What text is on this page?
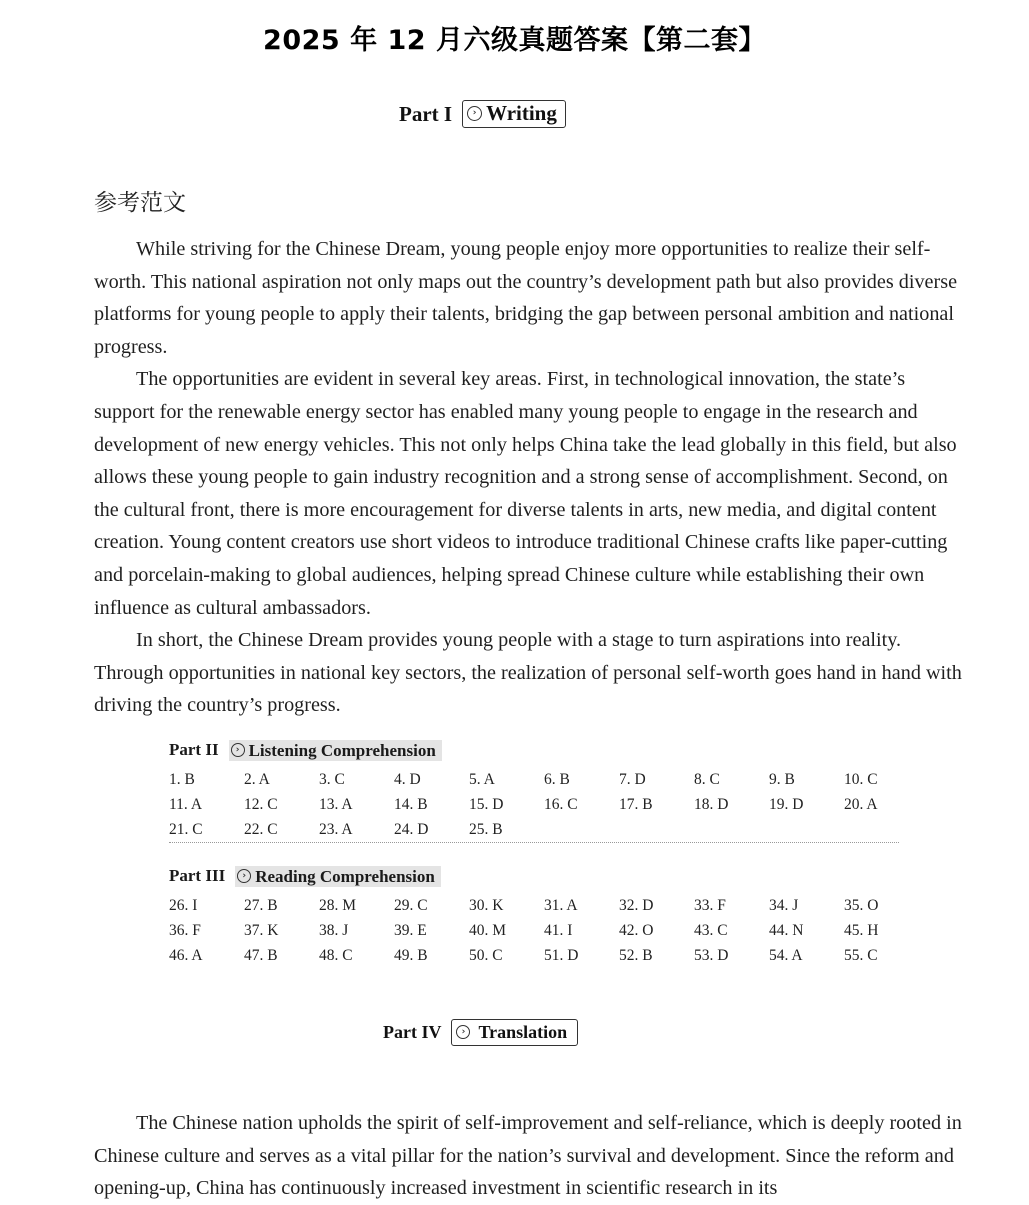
2025 年 12 月六级真题答案【第二套】
Part I	› Writing
参考范文

While striving for the Chinese Dream, young people enjoy more opportunities to realize their self-worth. This national aspiration not only maps out the country’s development path but also provides diverse platforms for young people to apply their talents, bridging the gap between personal ambition and national progress.

The opportunities are evident in several key areas. First, in technological innovation, the state’s support for the renewable energy sector has enabled many young people to engage in the research and development of new energy vehicles. This not only helps China take the lead globally in this field, but also allows these young people to gain industry recognition and a strong sense of accomplishment. Second, on the cultural front, there is more encouragement for diverse talents in arts, new media, and digital content creation. Young content creators use short videos to introduce traditional Chinese crafts like paper-cutting and porcelain-making to global audiences, helping spread Chinese culture while establishing their own influence as cultural ambassadors.

In short, the Chinese Dream provides young people with a stage to turn aspirations into reality. Through opportunities in national key sectors, the realization of personal self-worth goes hand in hand with driving the country’s progress.

Part II	› Listening Comprehension
1. B	2. A	3. C	4. D	5. A	6. B	7. D	8. C	9. B	10. C
11. A	12. C	13. A	14. B	15. D	16. C	17. B	18. D	19. D	20. A
21. C	22. C	23. A	24. D	25. B
Part III	› Reading Comprehension
26. I	27. B	28. M	29. C	30. K	31. A	32. D	33. F	34. J	35. O
36. F	37. K	38. J	39. E	40. M	41. I	42. O	43. C	44. N	45. H
46. A	47. B	48. C	49. B	50. C	51. D	52. B	53. D	54. A	55. C
Part IV	› Translation

The Chinese nation upholds the spirit of self-improvement and self-reliance, which is deeply rooted in Chinese culture and serves as a vital pillar for the nation’s survival and development. Since the reform and opening-up, China has continuously increased investment in scientific research in its
